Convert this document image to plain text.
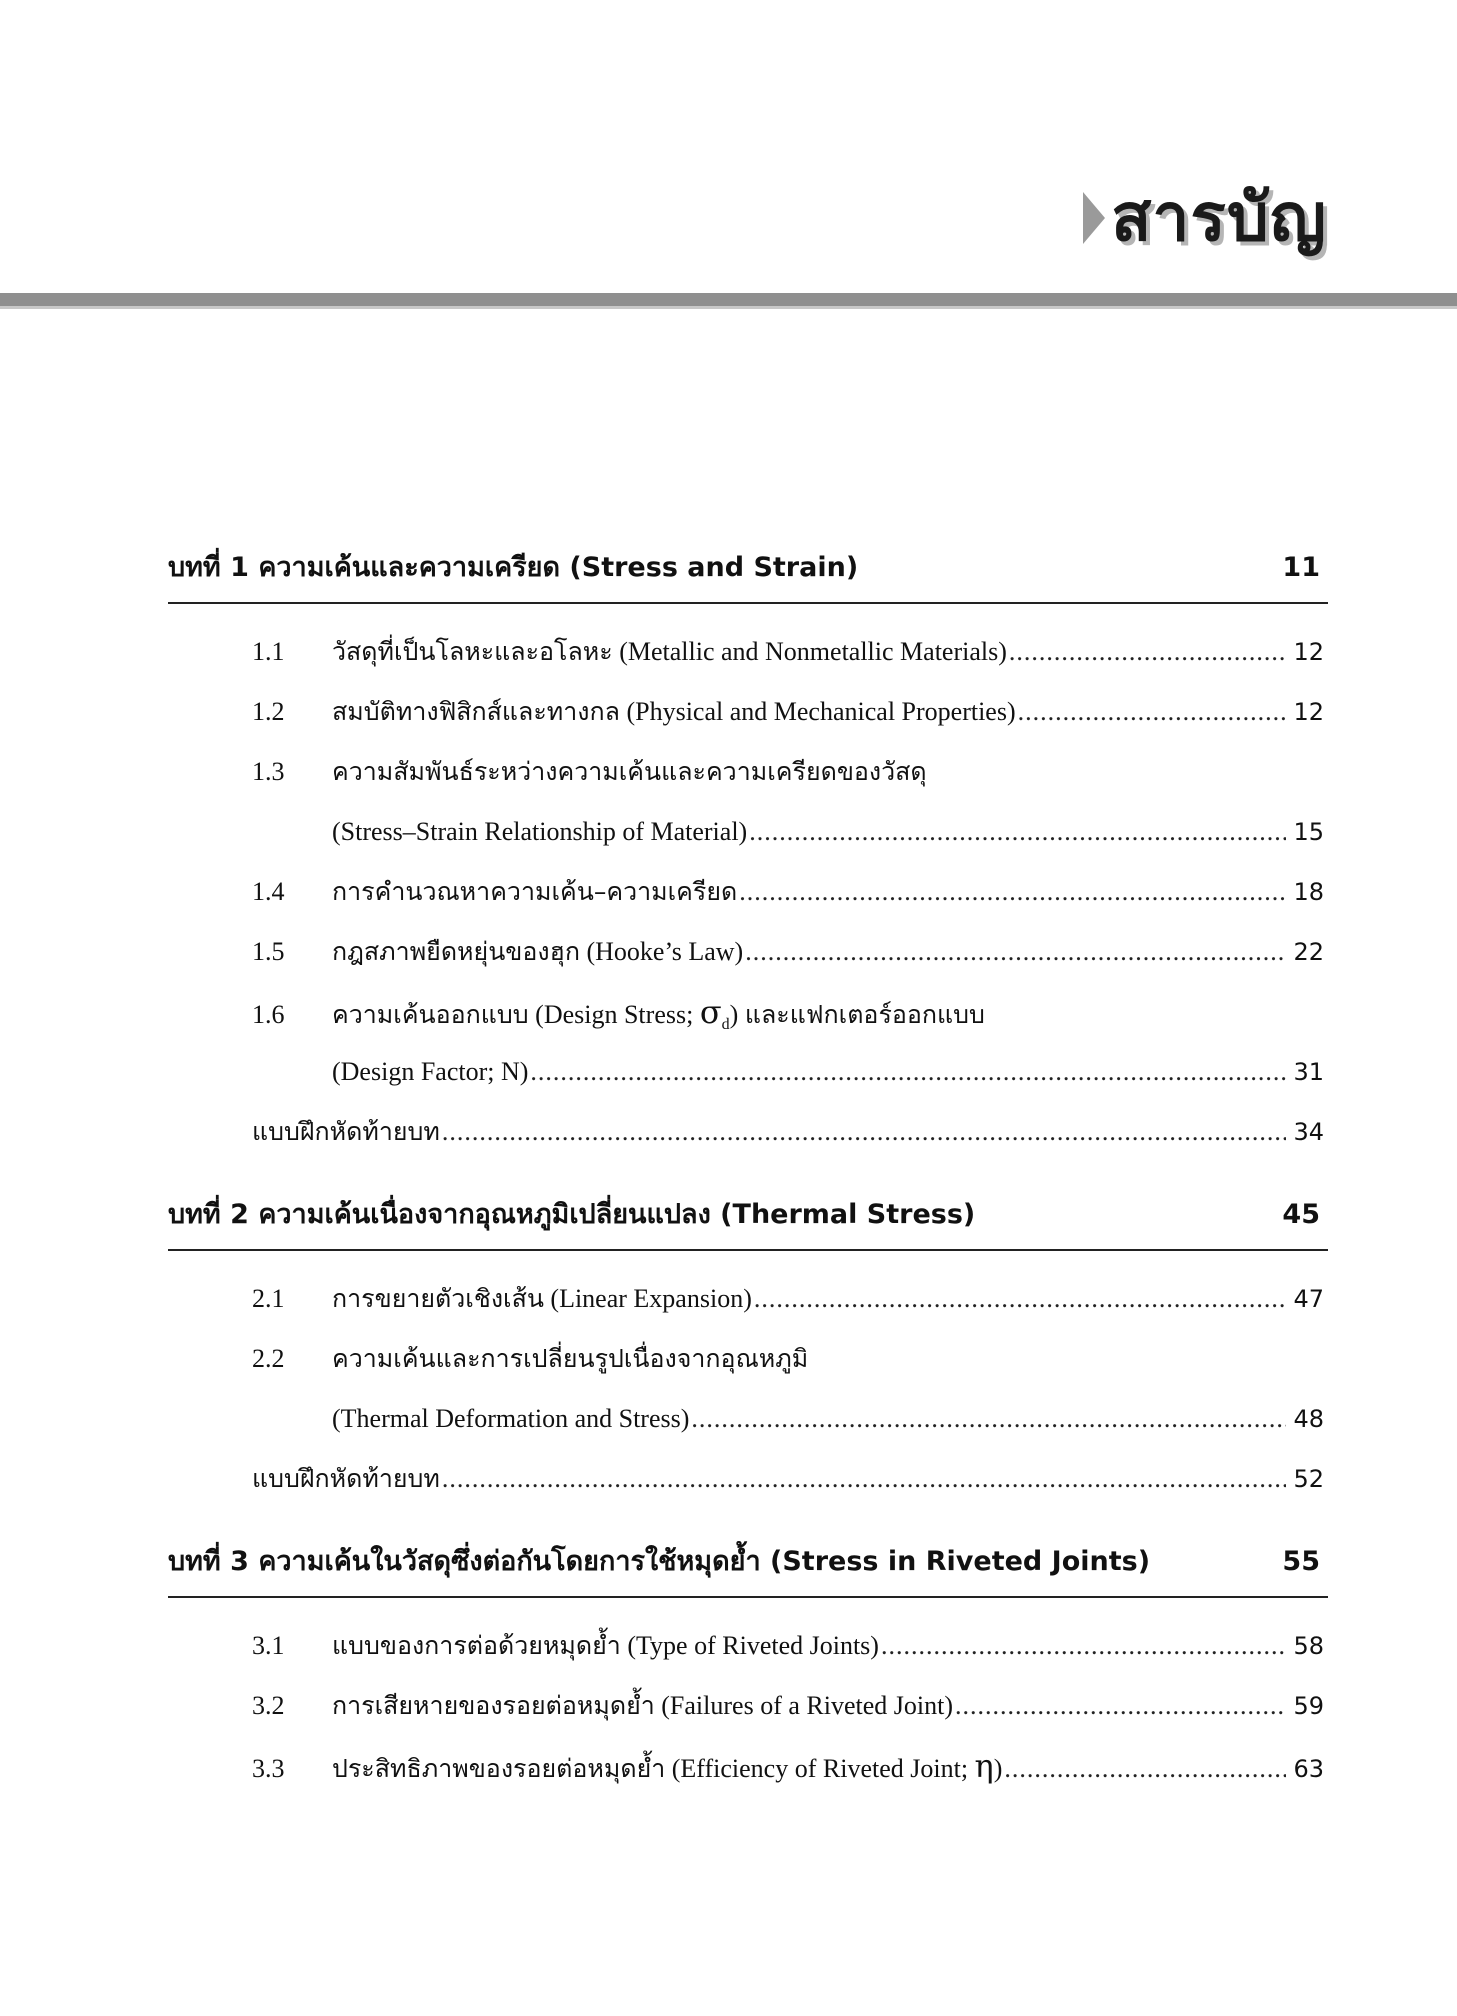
สารบัญ
บทที่ 1 ความเค้นและความเครียด (Stress and Strain)	11
1.1	วัสดุที่เป็นโลหะและอโลหะ (Metallic and Nonmetallic Materials) .....	12
1.2	สมบัติทางฟิสิกส์และทางกล (Physical and Mechanical Properties) .....	12
1.3	ความสัมพันธ์ระหว่างความเค้นและความเครียดของวัสดุ
(Stress–Strain Relationship of Material) .....	15
1.4	การคำนวณหาความเค้น–ความเครียด .....	18
1.5	กฎสภาพยืดหยุ่นของฮุก (Hooke’s Law) .....	22
1.6	ความเค้นออกแบบ (Design Stress; $\sigma_d$) และแฟกเตอร์ออกแบบ
(Design Factor; N) .....	31
แบบฝึกหัดท้ายบท .....	34
บทที่ 2 ความเค้นเนื่องจากอุณหภูมิเปลี่ยนแปลง (Thermal Stress)	45
2.1	การขยายตัวเชิงเส้น (Linear Expansion) .....	47
2.2	ความเค้นและการเปลี่ยนรูปเนื่องจากอุณหภูมิ
(Thermal Deformation and Stress) .....	48
แบบฝึกหัดท้ายบท .....	52
บทที่ 3 ความเค้นในวัสดุซึ่งต่อกันโดยการใช้หมุดย้ำ (Stress in Riveted Joints)	55
3.1	แบบของการต่อด้วยหมุดย้ำ (Type of Riveted Joints) .....	58
3.2	การเสียหายของรอยต่อหมุดย้ำ (Failures of a Riveted Joint) .....	59
3.3	ประสิทธิภาพของรอยต่อหมุดย้ำ (Efficiency of Riveted Joint; η) .....	63
